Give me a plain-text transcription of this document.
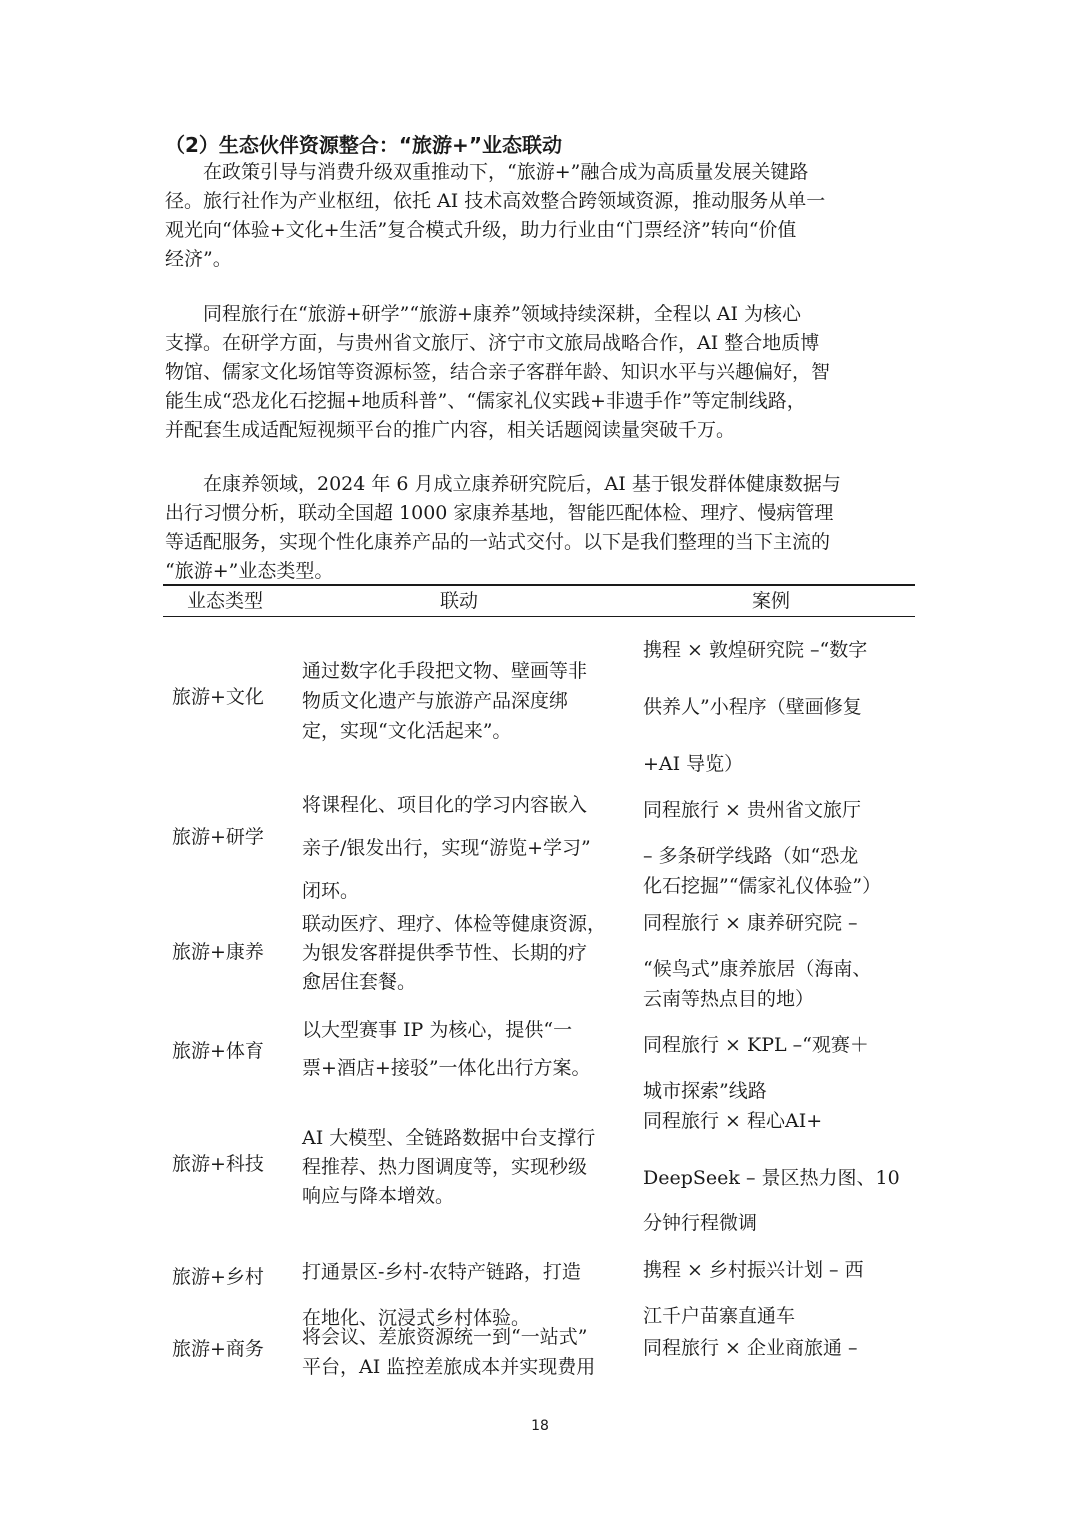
（2）生态伙伴资源整合：“旅游+”业态联动
　　在政策引导与消费升级双重推动下，“旅游+”融合成为高质量发展关键路
径。旅行社作为产业枢纽，依托 AI 技术高效整合跨领域资源，推动服务从单一
观光向“体验+文化+生活”复合模式升级，助力行业由“门票经济”转向“价值
经济”。
　　同程旅行在“旅游+研学”“旅游+康养”领域持续深耕，全程以 AI 为核心
支撑。在研学方面，与贵州省文旅厅、济宁市文旅局战略合作，AI 整合地质博
物馆、儒家文化场馆等资源标签，结合亲子客群年龄、知识水平与兴趣偏好，智
能生成“恐龙化石挖掘+地质科普”、“儒家礼仪实践+非遗手作”等定制线路，
并配套生成适配短视频平台的推广内容，相关话题阅读量突破千万。
　　在康养领域，2024 年 6 月成立康养研究院后，AI 基于银发群体健康数据与
出行习惯分析，联动全国超 1000 家康养基地，智能匹配体检、理疗、慢病管理
等适配服务，实现个性化康养产品的一站式交付。以下是我们整理的当下主流的
“旅游+”业态类型。
业态类型	联动	案例
旅游+文化
通过数字化手段把文物、壁画等非
物质文化遗产与旅游产品深度绑
定，实现“文化活起来”。
携程 × 敦煌研究院 –“数字
供养人”小程序（壁画修复
+AI 导览）
旅游+研学
将课程化、项目化的学习内容嵌入
亲子/银发出行，实现“游览+学习”
闭环。
同程旅行 × 贵州省文旅厅
– 多条研学线路（如“恐龙
化石挖掘”“儒家礼仪体验”）
旅游+康养
联动医疗、理疗、体检等健康资源，
为银发客群提供季节性、长期的疗
愈居住套餐。
同程旅行 × 康养研究院 –
“候鸟式”康养旅居（海南、
云南等热点目的地）
旅游+体育
以大型赛事 IP 为核心，提供“一
票+酒店+接驳”一体化出行方案。
同程旅行 × KPL –“观赛＋
城市探索”线路
旅游+科技
AI 大模型、全链路数据中台支撑行
程推荐、热力图调度等，实现秒级
响应与降本增效。
同程旅行 × 程心AI+
DeepSeek – 景区热力图、10
分钟行程微调
旅游+乡村 打通景区-乡村-农特产链路，打造
在地化、沉浸式乡村体验。
携程 × 乡村振兴计划 – 西
江千户苗寨直通车
旅游+商务
将会议、差旅资源统一到“一站式”
平台，AI 监控差旅成本并实现费用
同程旅行 × 企业商旅通 –
18
